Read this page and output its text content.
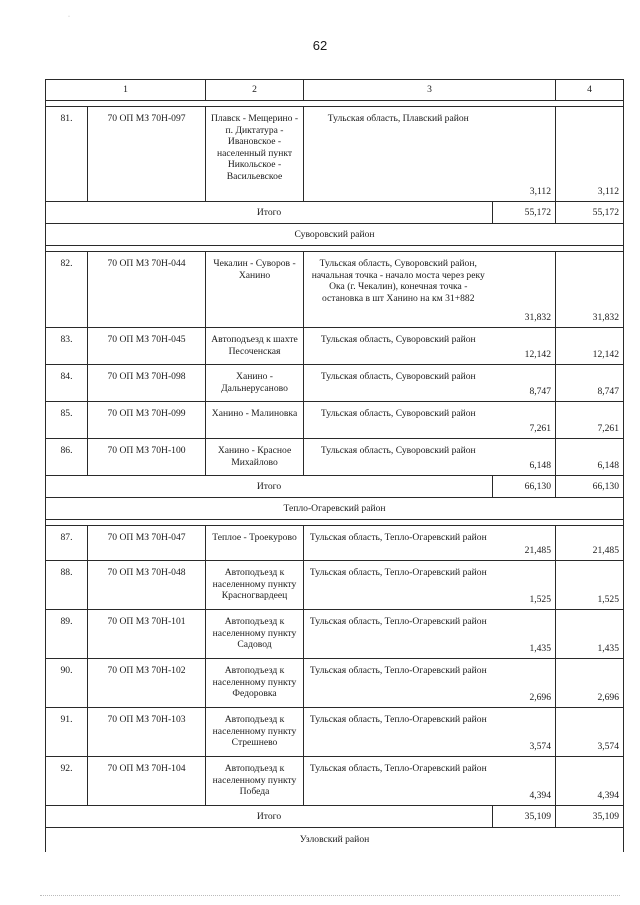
·
62
1		2	3		4

81.	70 ОП МЗ 70Н-097	Плавск - Мещерино - п. Диктатура - Ивановское - населенный пункт Никольское - Васильевское	Тульская область, Плавский район	3,112	3,112
Итого				55,172	55,172
Суворовский район					

82.	70 ОП МЗ 70Н-044	Чекалин - Суворов - Ханино	Тульская область, Суворовский район, начальная точка - начало моста через реку Ока (г. Чекалин), конечная точка - остановка в шт Ханино на км 31+882	31,832	31,832
83.	70 ОП МЗ 70Н-045	Автоподъезд к шахте Песоченская	Тульская область, Суворовский район	12,142	12,142
84.	70 ОП МЗ 70Н-098	Ханино - Дальнерусаново	Тульская область, Суворовский район	8,747	8,747
85.	70 ОП МЗ 70Н-099	Ханино - Малиновка	Тульская область, Суворовский район	7,261	7,261
86.	70 ОП МЗ 70Н-100	Ханино - Красное Михайлово	Тульская область, Суворовский район	6,148	6,148
Итого				66,130	66,130
Тепло-Огаревский район					

87.	70 ОП МЗ 70Н-047	Теплое - Троекурово	Тульская область, Тепло-Огаревский район	21,485	21,485
88.	70 ОП МЗ 70Н-048	Автоподъезд к населенному пункту Красногвардеец	Тульская область, Тепло-Огаревский район	1,525	1,525
89.	70 ОП МЗ 70Н-101	Автоподъезд к населенному пункту Садовод	Тульская область, Тепло-Огаревский район	1,435	1,435
90.	70 ОП МЗ 70Н-102	Автоподъезд к населенному пункту Федоровка	Тульская область, Тепло-Огаревский район	2,696	2,696
91.	70 ОП МЗ 70Н-103	Автоподъезд к населенному пункту Стрешнево	Тульская область, Тепло-Огаревский район	3,574	3,574
92.	70 ОП МЗ 70Н-104	Автоподъезд к населенному пункту Победа	Тульская область, Тепло-Огаревский район	4,394	4,394
Итого				35,109	35,109
Узловский район					
